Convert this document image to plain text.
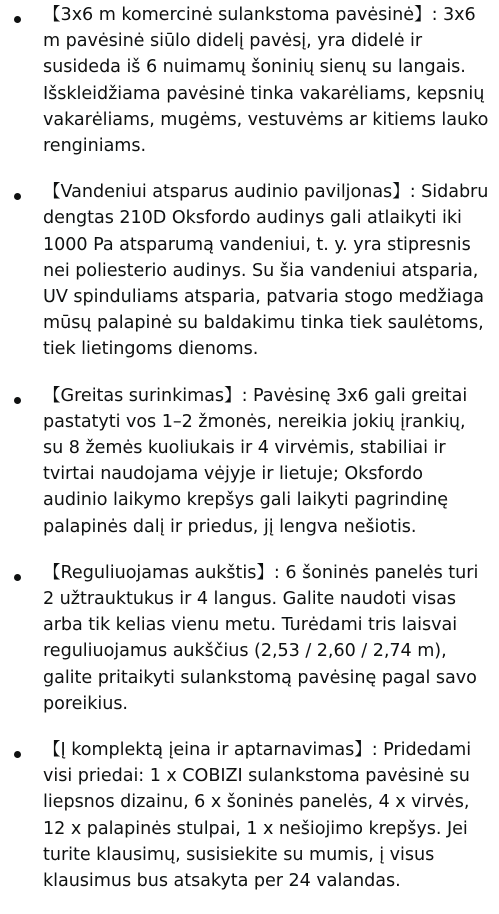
【3x6 m komercinė sulankstoma pavėsinė】: 3x6 m pavėsinė siūlo didelį pavėsį, yra didelė ir susideda iš 6 nuimamų šoninių sienų su langais. Išskleidžiama pavėsinė tinka vakarėliams, kepsnių vakarėliams, mugėms, vestuvėms ar kitiems lauko renginiams.
【Vandeniui atsparus audinio paviljonas】: Sidabru dengtas 210D Oksfordo audinys gali atlaikyti iki 1000 Pa atsparumą vandeniui, t. y. yra stipresnis nei poliesterio audinys. Su šia vandeniui atsparia, UV spinduliams atsparia, patvaria stogo medžiaga mūsų palapinė su baldakimu tinka tiek saulėtoms, tiek lietingoms dienoms.
【Greitas surinkimas】: Pavėsinę 3x6 gali greitai pastatyti vos 1–2 žmonės, nereikia jokių įrankių, su 8 žemės kuoliukais ir 4 virvėmis, stabiliai ir tvirtai naudojama vėjyje ir lietuje; Oksfordo audinio laikymo krepšys gali laikyti pagrindinę palapinės dalį ir priedus, jį lengva nešiotis.
【Reguliuojamas aukštis】: 6 šoninės panelės turi 2 užtrauktukus ir 4 langus. Galite naudoti visas arba tik kelias vienu metu. Turėdami tris laisvai reguliuojamus aukščius (2,53 / 2,60 / 2,74 m), galite pritaikyti sulankstomą pavėsinę pagal savo poreikius.
【Į komplektą įeina ir aptarnavimas】: Pridedami visi priedai: 1 x COBIZI sulankstoma pavėsinė su liepsnos dizainu, 6 x šoninės panelės, 4 x virvės, 12 x palapinės stulpai, 1 x nešiojimo krepšys. Jei turite klausimų, susisiekite su mumis, į visus klausimus bus atsakyta per 24 valandas.
